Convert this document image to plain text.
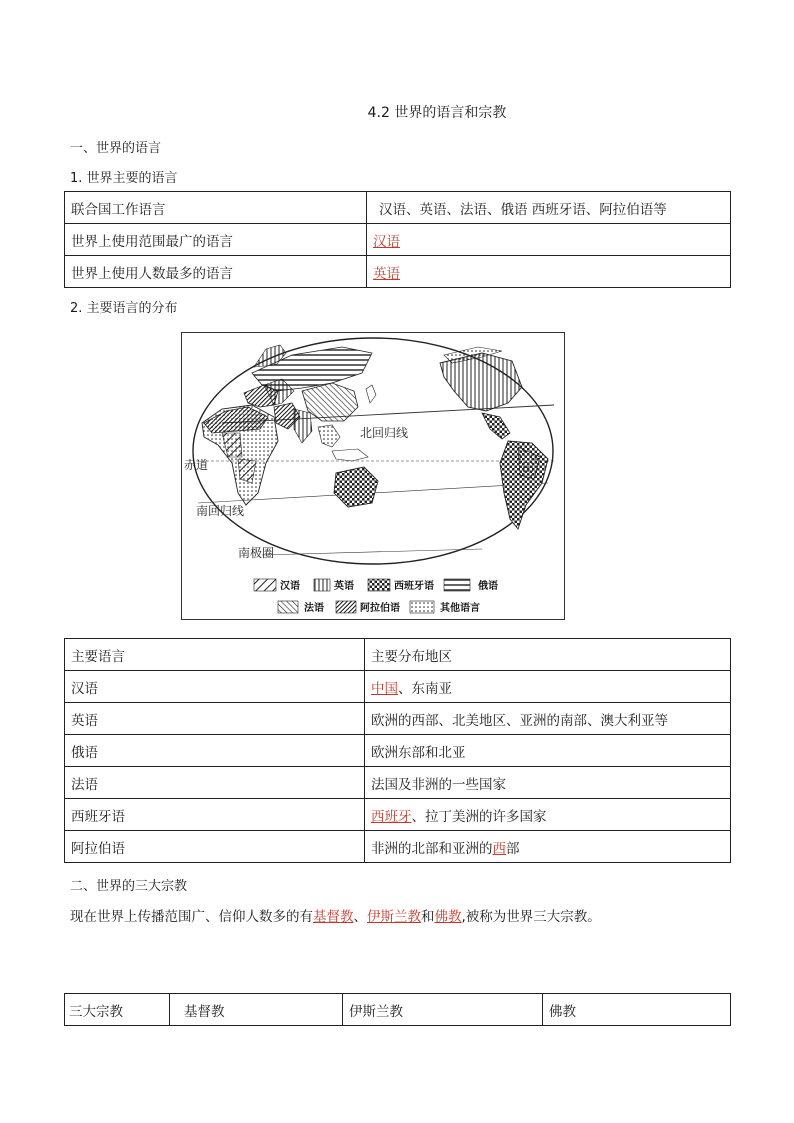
4.2 世界的语言和宗教
一、世界的语言
1. 世界主要的语言
联合国工作语言	汉语、英语、法语、俄语 西班牙语、阿拉伯语等
世界上使用范围最广的语言	汉语
世界上使用人数最多的语言	英语
2. 主要语言的分布
北回归线
赤道
南回归线
南极圈
汉语	英语	西班牙语	俄语
法语	阿拉伯语	其他语言
主要语言	主要分布地区
汉语	中国、东南亚
英语	欧洲的西部、北美地区、亚洲的南部、澳大利亚等
俄语	欧洲东部和北亚
法语	法国及非洲的一些国家
西班牙语	西班牙、拉丁美洲的许多国家
阿拉伯语	非洲的北部和亚洲的西部
二、世界的三大宗教
现在世界上传播范围广、信仰人数多的有基督教、伊斯兰教和佛教,被称为世界三大宗教。
三大宗教	基督教	伊斯兰教	佛教
